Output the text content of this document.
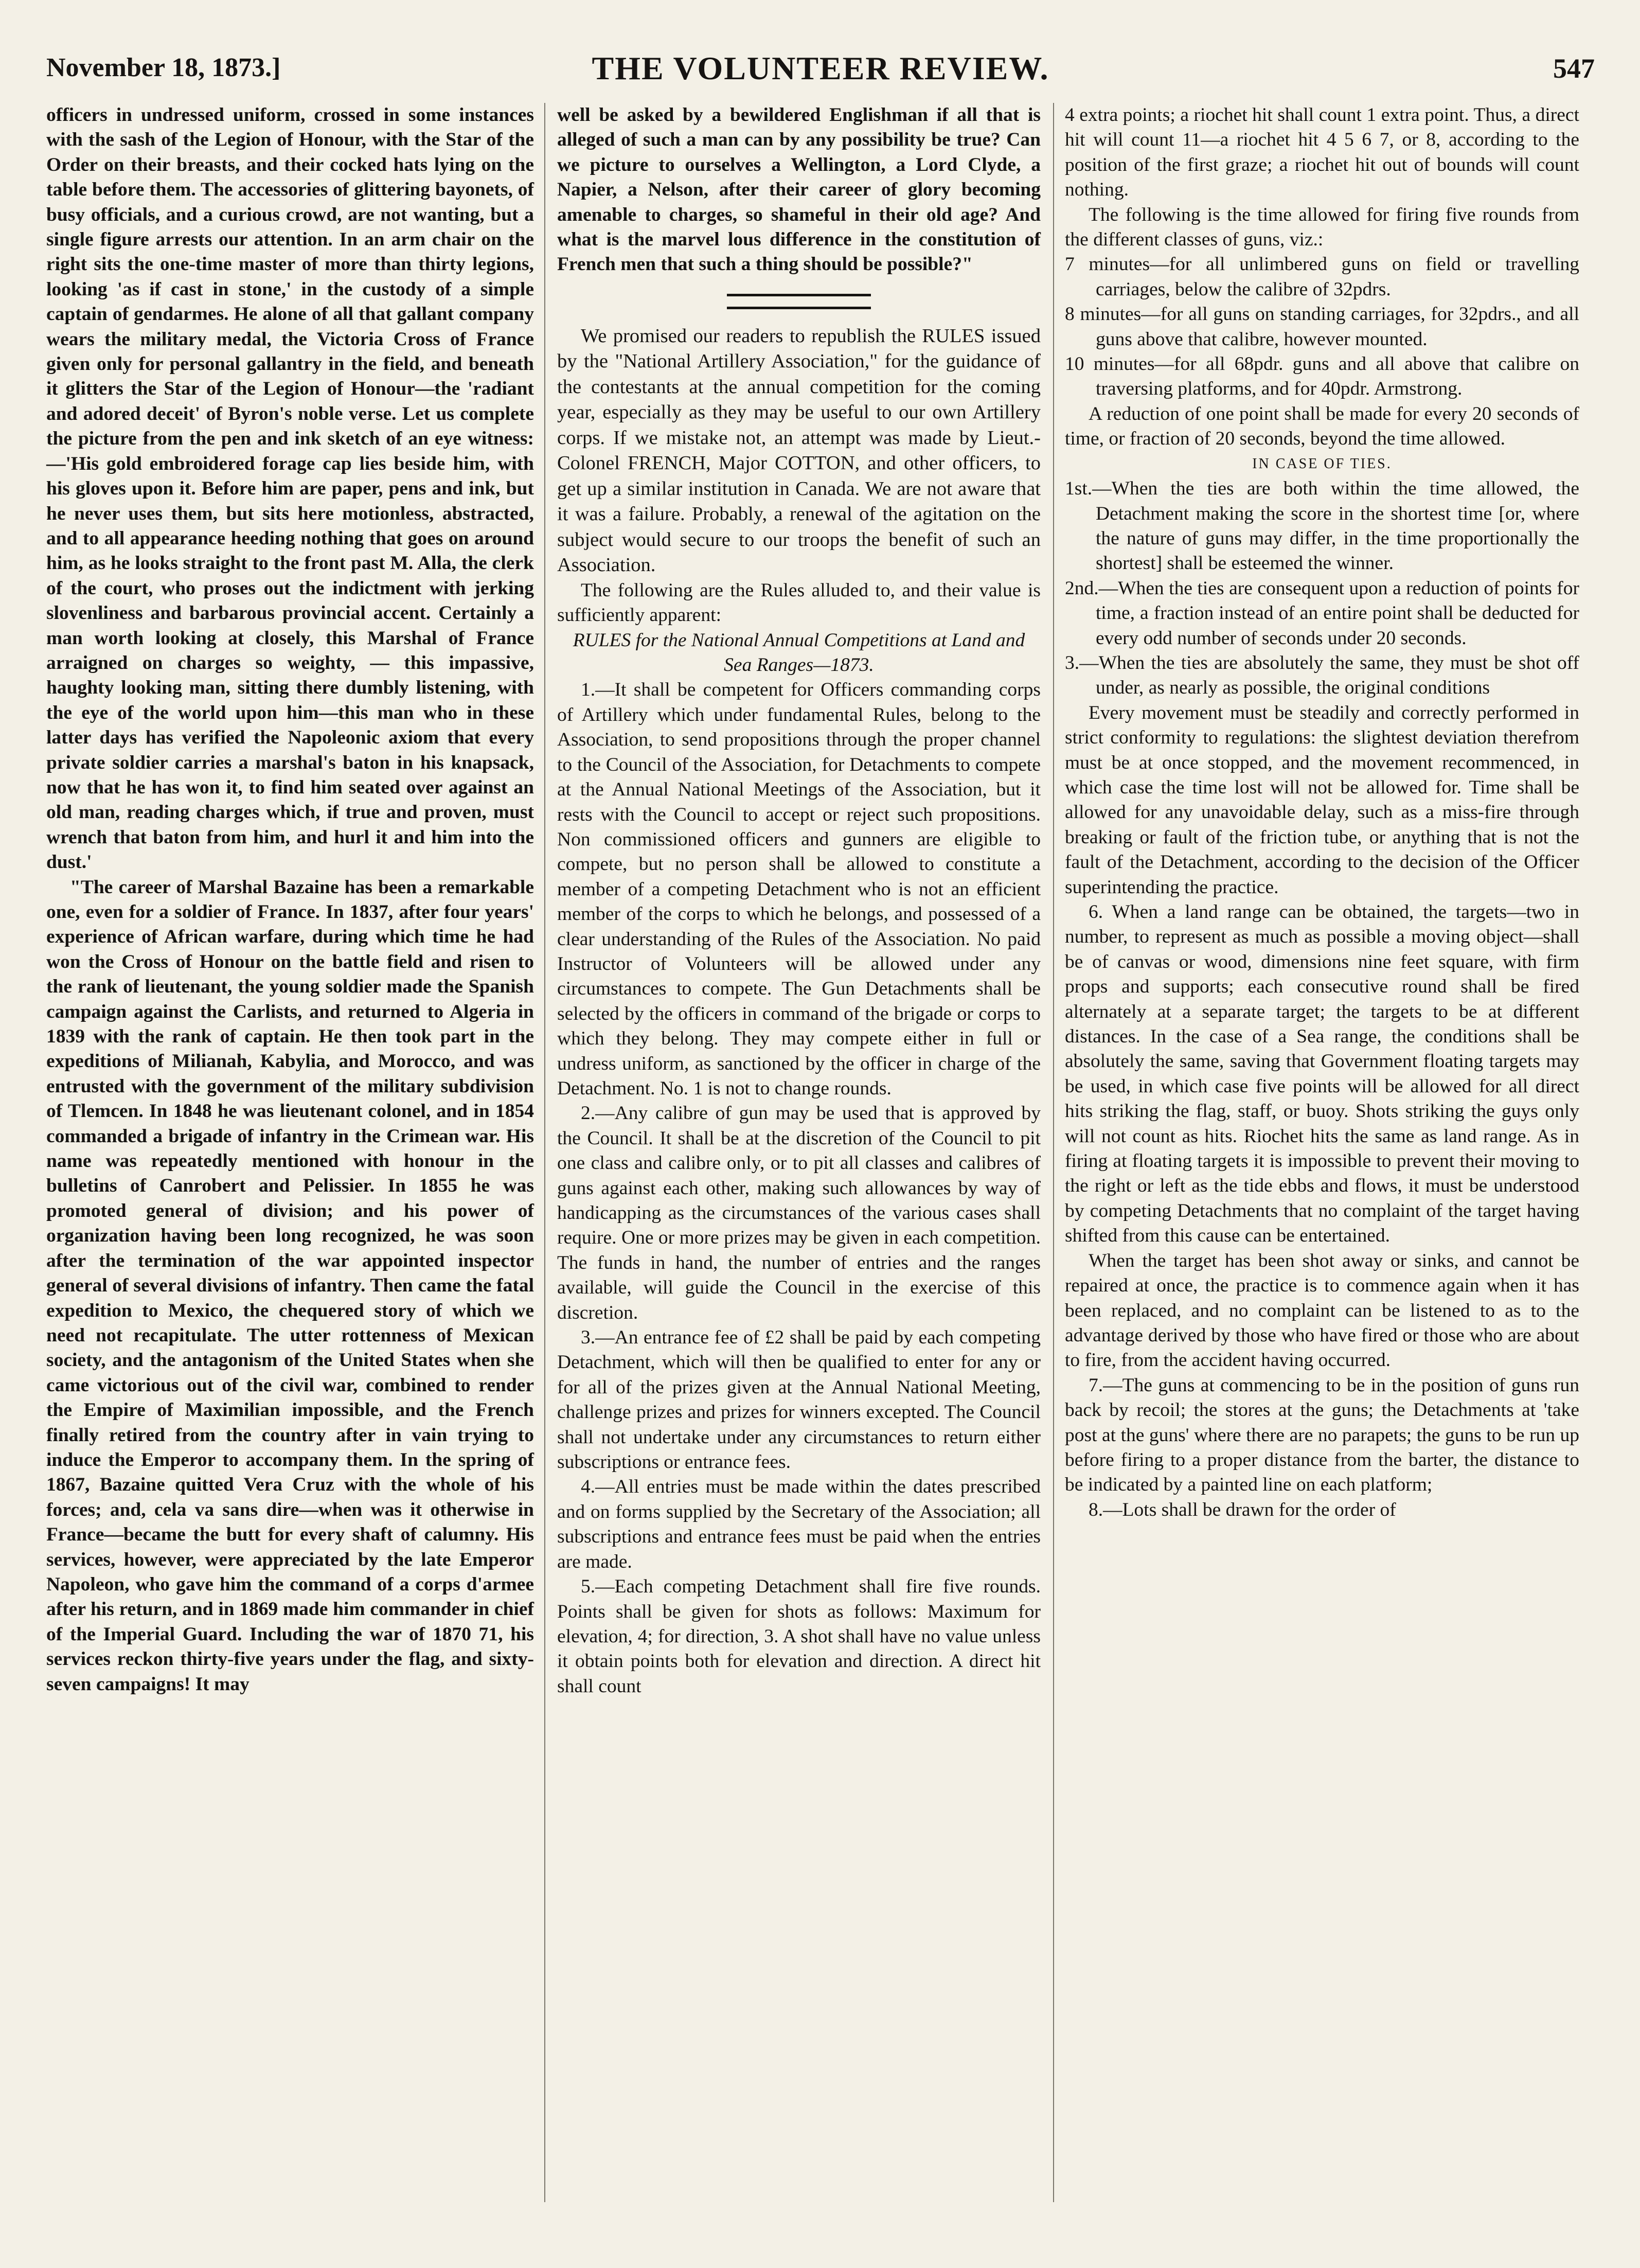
November 18, 1873.]	THE VOLUNTEER REVIEW.	547

officers in undressed uniform, crossed in some instances with the sash of the Legion of Honour, with the Star of the Order on their breasts, and their cocked hats lying on the table before them. The accessories of glittering bayonets, of busy officials, and a curious crowd, are not wanting, but a single figure arrests our attention. In an arm chair on the right sits the one-time master of more than thirty legions, looking 'as if cast in stone,' in the custody of a simple captain of gendarmes. He alone of all that gallant company wears the military medal, the Victoria Cross of France given only for personal gallantry in the field, and beneath it glitters the Star of the Legion of Honour—the 'radiant and adored deceit' of Byron's noble verse. Let us complete the picture from the pen and ink sketch of an eye witness:—'His gold embroidered forage cap lies beside him, with his gloves upon it. Before him are paper, pens and ink, but he never uses them, but sits here motionless, abstracted, and to all appearance heeding nothing that goes on around him, as he looks straight to the front past M. Alla, the clerk of the court, who proses out the indictment with jerking slovenliness and barbarous provincial accent. Certainly a man worth looking at closely, this Marshal of France arraigned on charges so weighty, — this impassive, haughty looking man, sitting there dumbly listening, with the eye of the world upon him—this man who in these latter days has verified the Napoleonic axiom that every private soldier carries a marshal's baton in his knapsack, now that he has won it, to find him seated over against an old man, reading charges which, if true and proven, must wrench that baton from him, and hurl it and him into the dust.'

"The career of Marshal Bazaine has been a remarkable one, even for a soldier of France. In 1837, after four years' experience of African warfare, during which time he had won the Cross of Honour on the battle field and risen to the rank of lieutenant, the young soldier made the Spanish campaign against the Carlists, and returned to Algeria in 1839 with the rank of captain. He then took part in the expeditions of Milianah, Kabylia, and Morocco, and was entrusted with the government of the military subdivision of Tlemcen. In 1848 he was lieutenant colonel, and in 1854 commanded a brigade of infantry in the Crimean war. His name was repeatedly mentioned with honour in the bulletins of Canrobert and Pelissier. In 1855 he was promoted general of division; and his power of organization having been long recognized, he was soon after the termination of the war appointed inspector general of several divisions of infantry. Then came the fatal expedition to Mexico, the chequered story of which we need not recapitulate. The utter rottenness of Mexican society, and the antagonism of the United States when she came victorious out of the civil war, combined to render the Empire of Maximilian impossible, and the French finally retired from the country after in vain trying to induce the Emperor to accompany them. In the spring of 1867, Bazaine quitted Vera Cruz with the whole of his forces; and, cela va sans dire—when was it otherwise in France—became the butt for every shaft of calumny. His services, however, were appreciated by the late Emperor Napoleon, who gave him the command of a corps d'armee after his return, and in 1869 made him commander in chief of the Imperial Guard. Including the war of 1870 71, his services reckon thirty-five years under the flag, and sixty-seven campaigns! It may

well be asked by a bewildered Englishman if all that is alleged of such a man can by any possibility be true? Can we picture to ourselves a Wellington, a Lord Clyde, a Napier, a Nelson, after their career of glory becoming amenable to charges, so shameful in their old age? And what is the marvel lous difference in the constitution of French men that such a thing should be possible?"

We promised our readers to republish the RULES issued by the "National Artillery Association," for the guidance of the contestants at the annual competition for the coming year, especially as they may be useful to our own Artillery corps. If we mistake not, an attempt was made by Lieut.-Colonel FRENCH, Major COTTON, and other officers, to get up a similar institution in Canada. We are not aware that it was a failure. Probably, a renewal of the agitation on the subject would secure to our troops the benefit of such an Association.

The following are the Rules alluded to, and their value is sufficiently apparent:

RULES for the National Annual Competitions at Land and Sea Ranges—1873.

1.—It shall be competent for Officers commanding corps of Artillery which under fundamental Rules, belong to the Association, to send propositions through the proper channel to the Council of the Association, for Detachments to compete at the Annual National Meetings of the Association, but it rests with the Council to accept or reject such propositions. Non commissioned officers and gunners are eligible to compete, but no person shall be allowed to constitute a member of a competing Detachment who is not an efficient member of the corps to which he belongs, and possessed of a clear understanding of the Rules of the Association. No paid Instructor of Volunteers will be allowed under any circumstances to compete. The Gun Detachments shall be selected by the officers in command of the brigade or corps to which they belong. They may compete either in full or undress uniform, as sanctioned by the officer in charge of the Detachment. No. 1 is not to change rounds.

2.—Any calibre of gun may be used that is approved by the Council. It shall be at the discretion of the Council to pit one class and calibre only, or to pit all classes and calibres of guns against each other, making such allowances by way of handicapping as the circumstances of the various cases shall require. One or more prizes may be given in each competition. The funds in hand, the number of entries and the ranges available, will guide the Council in the exercise of this discretion.

3.—An entrance fee of £2 shall be paid by each competing Detachment, which will then be qualified to enter for any or for all of the prizes given at the Annual National Meeting, challenge prizes and prizes for winners excepted. The Council shall not undertake under any circumstances to return either subscriptions or entrance fees.

4.—All entries must be made within the dates prescribed and on forms supplied by the Secretary of the Association; all subscriptions and entrance fees must be paid when the entries are made.

5.—Each competing Detachment shall fire five rounds. Points shall be given for shots as follows: Maximum for elevation, 4; for direction, 3. A shot shall have no value unless it obtain points both for elevation and direction. A direct hit shall count

4 extra points; a riochet hit shall count 1 extra point. Thus, a direct hit will count 11—a riochet hit 4 5 6 7, or 8, according to the position of the first graze; a riochet hit out of bounds will count nothing.

The following is the time allowed for firing five rounds from the different classes of guns, viz.:

7 minutes—for all unlimbered guns on field or travelling carriages, below the calibre of 32pdrs.

8 minutes—for all guns on standing carriages, for 32pdrs., and all guns above that calibre, however mounted.

10 minutes—for all 68pdr. guns and all above that calibre on traversing platforms, and for 40pdr. Armstrong.

A reduction of one point shall be made for every 20 seconds of time, or fraction of 20 seconds, beyond the time allowed.

IN CASE OF TIES.

1st.—When the ties are both within the time allowed, the Detachment making the score in the shortest time [or, where the nature of guns may differ, in the time proportionally the shortest] shall be esteemed the winner.

2nd.—When the ties are consequent upon a reduction of points for time, a fraction instead of an entire point shall be deducted for every odd number of seconds under 20 seconds.

3.—When the ties are absolutely the same, they must be shot off under, as nearly as possible, the original conditions

Every movement must be steadily and correctly performed in strict conformity to regulations: the slightest deviation therefrom must be at once stopped, and the movement recommenced, in which case the time lost will not be allowed for. Time shall be allowed for any unavoidable delay, such as a miss-fire through breaking or fault of the friction tube, or anything that is not the fault of the Detachment, according to the decision of the Officer superintending the practice.

6. When a land range can be obtained, the targets—two in number, to represent as much as possible a moving object—shall be of canvas or wood, dimensions nine feet square, with firm props and supports; each consecutive round shall be fired alternately at a separate target; the targets to be at different distances. In the case of a Sea range, the conditions shall be absolutely the same, saving that Government floating targets may be used, in which case five points will be allowed for all direct hits striking the flag, staff, or buoy. Shots striking the guys only will not count as hits. Riochet hits the same as land range. As in firing at floating targets it is impossible to prevent their moving to the right or left as the tide ebbs and flows, it must be understood by competing Detachments that no complaint of the target having shifted from this cause can be entertained.

When the target has been shot away or sinks, and cannot be repaired at once, the practice is to commence again when it has been replaced, and no complaint can be listened to as to the advantage derived by those who have fired or those who are about to fire, from the accident having occurred.

7.—The guns at commencing to be in the position of guns run back by recoil; the stores at the guns; the Detachments at 'take post at the guns' where there are no parapets; the guns to be run up before firing to a proper distance from the barter, the distance to be indicated by a painted line on each platform;

8.—Lots shall be drawn for the order of
